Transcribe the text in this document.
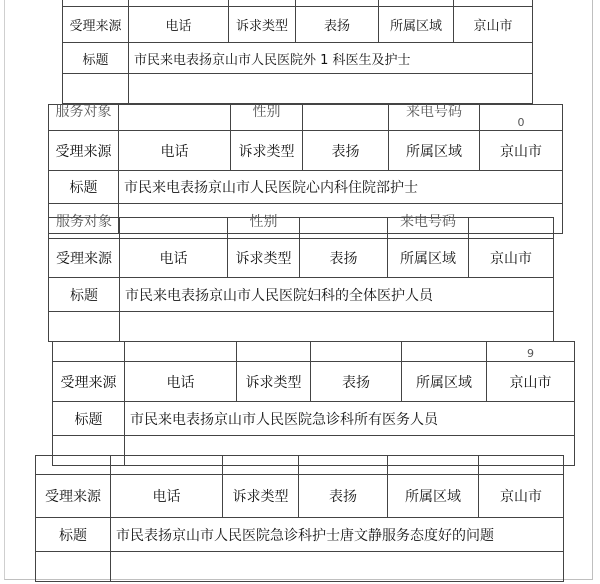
受理来源	电话	诉求类型	表扬	所属区域	京山市
标题	市民来电表扬京山市人民医院外 1 科医生及护士				

服务对象		性别		来电号码	0
受理来源	电话	诉求类型	表扬	所属区域	京山市
标题	市民来电表扬京山市人民医院心内科住院部护士				

服务对象		性别		来电号码	
受理来源	电话	诉求类型	表扬	所属区域	京山市
标题	市民来电表扬京山市人民医院妇科的全体医护人员				

					9
受理来源	电话	诉求类型	表扬	所属区域	京山市
标题	市民来电表扬京山市人民医院急诊科所有医务人员				

受理来源	电话	诉求类型	表扬	所属区域	京山市
标题	市民表扬京山市人民医院急诊科护士唐文静服务态度好的问题				
